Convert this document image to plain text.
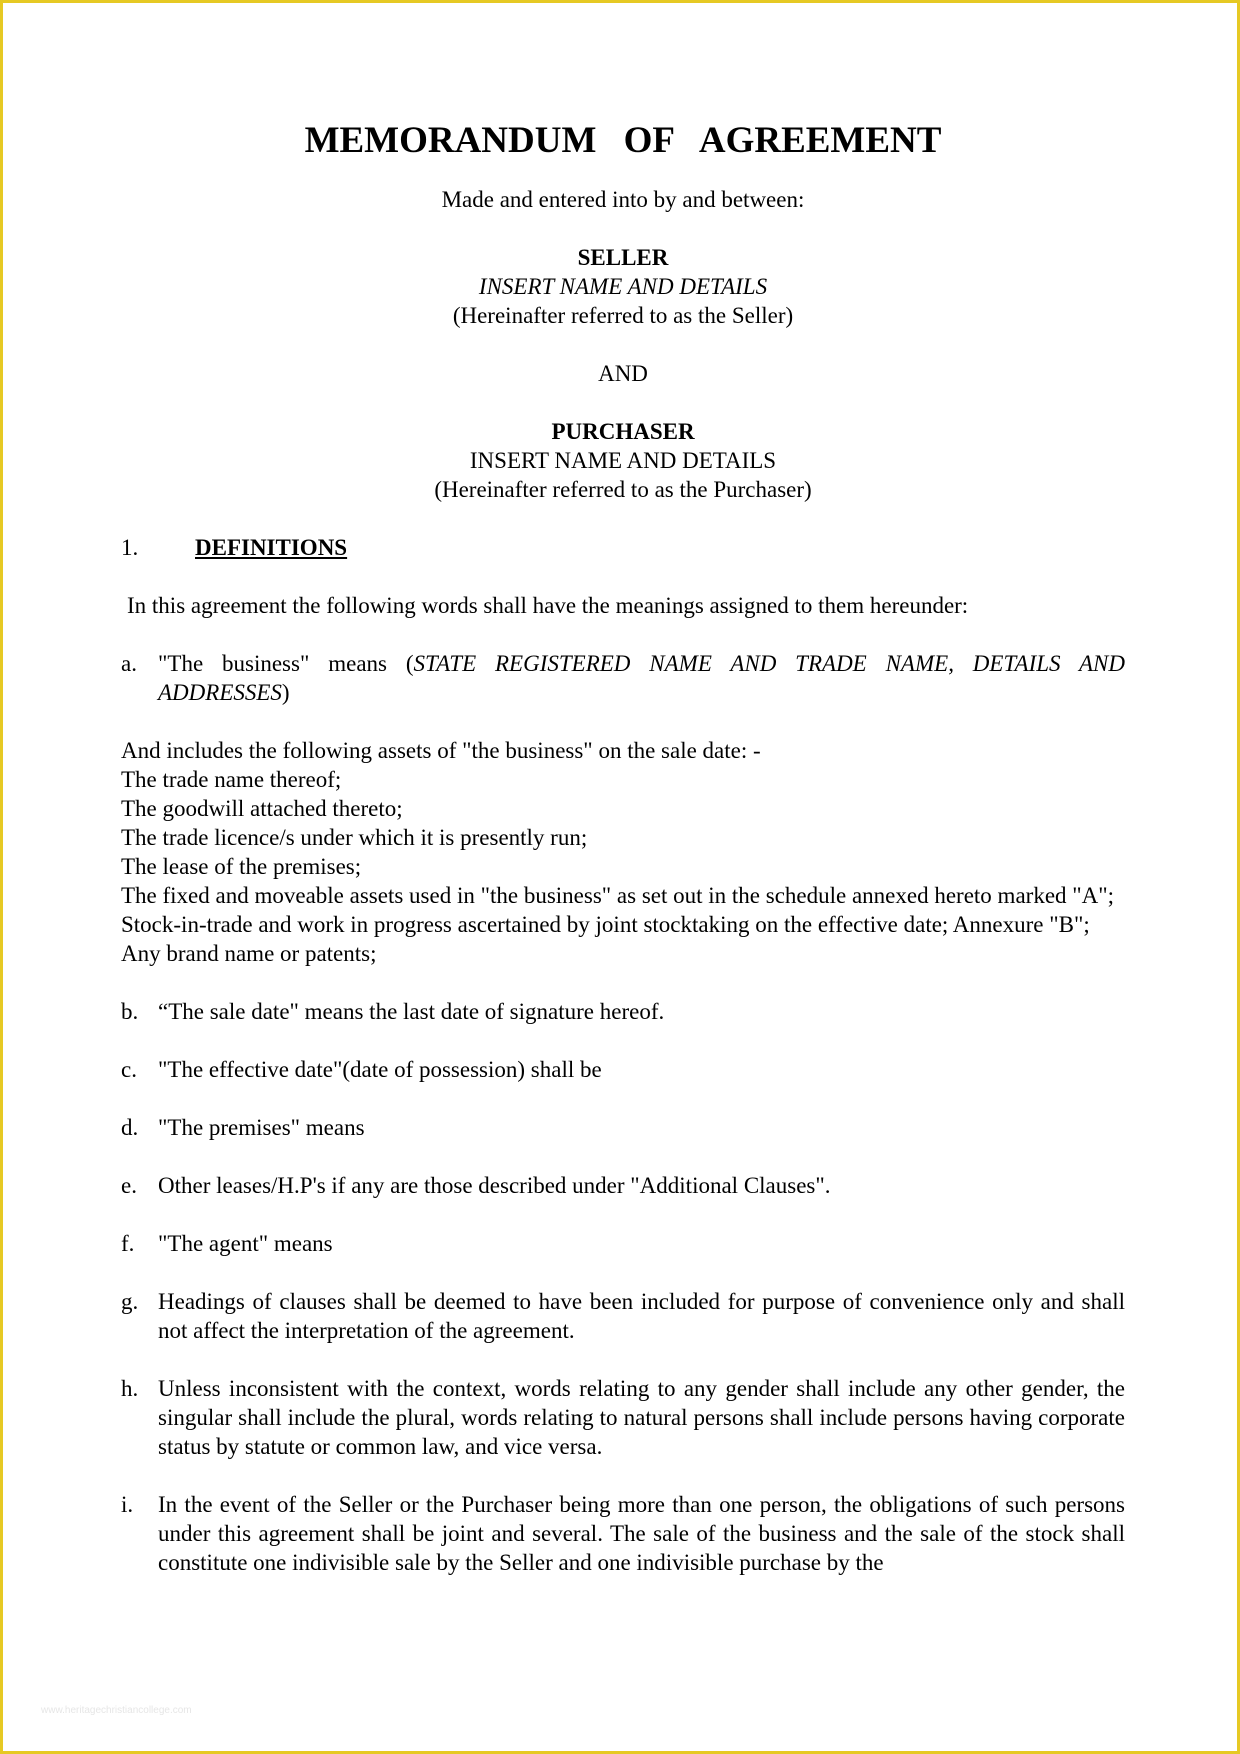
MEMORANDUM OF AGREEMENT
Made and entered into by and between:
SELLER
INSERT NAME AND DETAILS
(Hereinafter referred to as the Seller)
AND
PURCHASER
INSERT NAME AND DETAILS
(Hereinafter referred to as the Purchaser)
1.	DEFINITIONS
In this agreement the following words shall have the meanings assigned to them hereunder:
a. "The business" means (STATE REGISTERED NAME AND TRADE NAME, DETAILS AND ADDRESSES)
And includes the following assets of "the business" on the sale date: -
The trade name thereof;
The goodwill attached thereto;
The trade licence/s under which it is presently run;
The lease of the premises;
The fixed and moveable assets used in "the business" as set out in the schedule annexed hereto marked "A";
Stock-in-trade and work in progress ascertained by joint stocktaking on the effective date; Annexure "B";
Any brand name or patents;
b. “The sale date" means the last date of signature hereof.
c. "The effective date"(date of possession) shall be
d. "The premises" means
e. Other leases/H.P's if any are those described under "Additional Clauses".
f.	"The agent" means
g. Headings of clauses shall be deemed to have been included for purpose of convenience only and shall not affect the interpretation of the agreement.
h. Unless inconsistent with the context, words relating to any gender shall include any other gender, the singular shall include the plural, words relating to natural persons shall include persons having corporate status by statute or common law, and vice versa.
i.	In the event of the Seller or the Purchaser being more than one person, the obligations of such persons under this agreement shall be joint and several. The sale of the business and the sale of the stock shall constitute one indivisible sale by the Seller and one indivisible purchase by the
www.heritagechristiancollege.com
